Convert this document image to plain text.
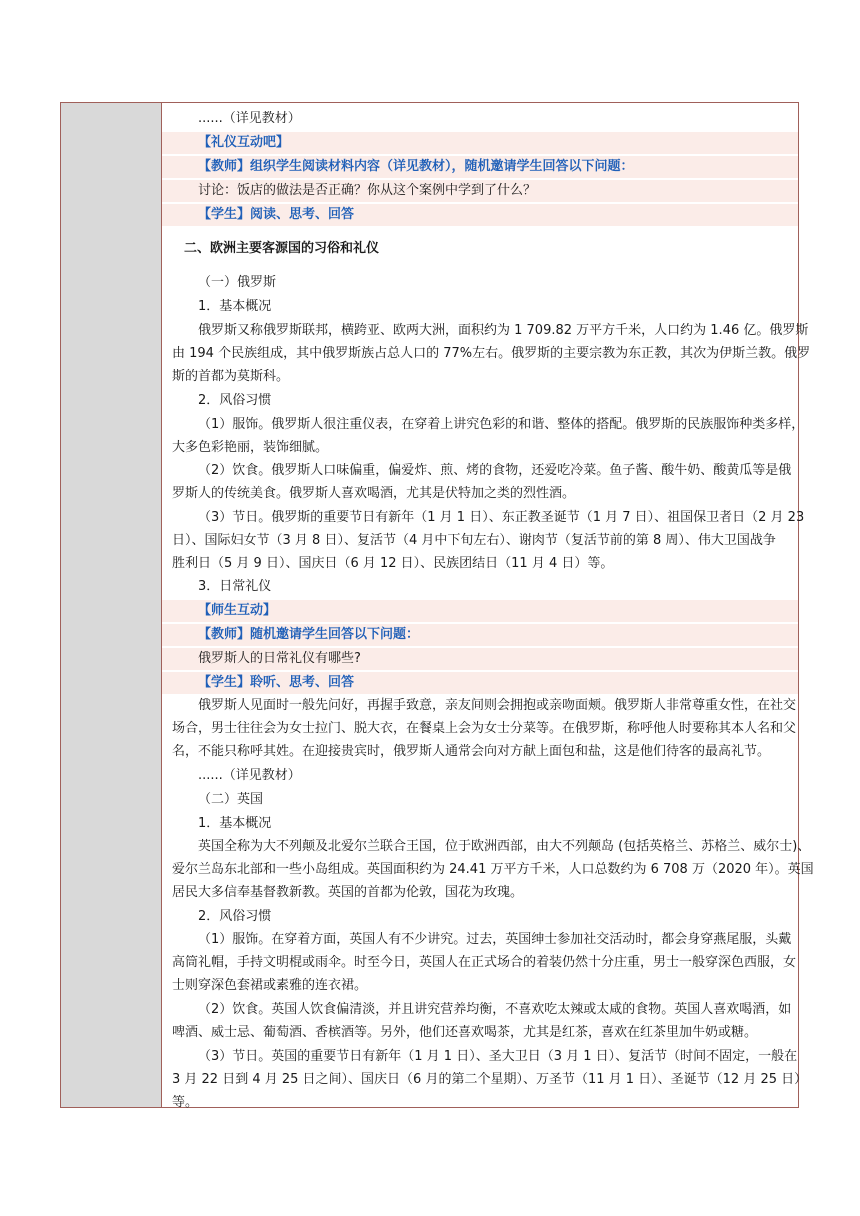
......（详见教材）
【礼仪互动吧】
【教师】组织学生阅读材料内容（详见教材），随机邀请学生回答以下问题：
讨论：饭店的做法是否正确？你从这个案例中学到了什么？
【学生】阅读、思考、回答
二、欧洲主要客源国的习俗和礼仪
（一）俄罗斯
1．基本概况
俄罗斯又称俄罗斯联邦，横跨亚、欧两大洲，面积约为 1 709.82 万平方千米，人口约为 1.46 亿。俄罗斯
由 194 个民族组成，其中俄罗斯族占总人口的 77%左右。俄罗斯的主要宗教为东正教，其次为伊斯兰教。俄罗
斯的首都为莫斯科。
2．风俗习惯
（1）服饰。俄罗斯人很注重仪表，在穿着上讲究色彩的和谐、整体的搭配。俄罗斯的民族服饰种类多样，
大多色彩艳丽，装饰细腻。
（2）饮食。俄罗斯人口味偏重，偏爱炸、煎、烤的食物，还爱吃冷菜。鱼子酱、酸牛奶、酸黄瓜等是俄
罗斯人的传统美食。俄罗斯人喜欢喝酒，尤其是伏特加之类的烈性酒。
（3）节日。俄罗斯的重要节日有新年（1 月 1 日）、东正教圣诞节（1 月 7 日）、祖国保卫者日（2 月 23
日）、国际妇女节（3 月 8 日）、复活节（4 月中下旬左右）、谢肉节（复活节前的第 8 周）、伟大卫国战争
胜利日（5 月 9 日）、国庆日（6 月 12 日）、民族团结日（11 月 4 日）等。
3．日常礼仪
【师生互动】
【教师】随机邀请学生回答以下问题：
俄罗斯人的日常礼仪有哪些?
【学生】聆听、思考、回答
俄罗斯人见面时一般先问好，再握手致意，亲友间则会拥抱或亲吻面颊。俄罗斯人非常尊重女性，在社交
场合，男士往往会为女士拉门、脱大衣，在餐桌上会为女士分菜等。在俄罗斯，称呼他人时要称其本人名和父
名，不能只称呼其姓。在迎接贵宾时，俄罗斯人通常会向对方献上面包和盐，这是他们待客的最高礼节。
......（详见教材）
（二）英国
1．基本概况
英国全称为大不列颠及北爱尔兰联合王国，位于欧洲西部，由大不列颠岛 (包括英格兰、苏格兰、威尔士)、
爱尔兰岛东北部和一些小岛组成。英国面积约为 24.41 万平方千米，人口总数约为 6 708 万（2020 年）。英国
居民大多信奉基督教新教。英国的首都为伦敦，国花为玫瑰。
2．风俗习惯
（1）服饰。在穿着方面，英国人有不少讲究。过去，英国绅士参加社交活动时，都会身穿燕尾服，头戴
高筒礼帽，手持文明棍或雨伞。时至今日，英国人在正式场合的着装仍然十分庄重，男士一般穿深色西服，女
士则穿深色套裙或素雅的连衣裙。
（2）饮食。英国人饮食偏清淡，并且讲究营养均衡，不喜欢吃太辣或太咸的食物。英国人喜欢喝酒，如
啤酒、威士忌、葡萄酒、香槟酒等。另外，他们还喜欢喝茶，尤其是红茶，喜欢在红茶里加牛奶或糖。
（3）节日。英国的重要节日有新年（1 月 1 日）、圣大卫日（3 月 1 日）、复活节（时间不固定，一般在
3 月 22 日到 4 月 25 日之间）、国庆日（6 月的第二个星期）、万圣节（11 月 1 日）、圣诞节（12 月 25 日）
等。
